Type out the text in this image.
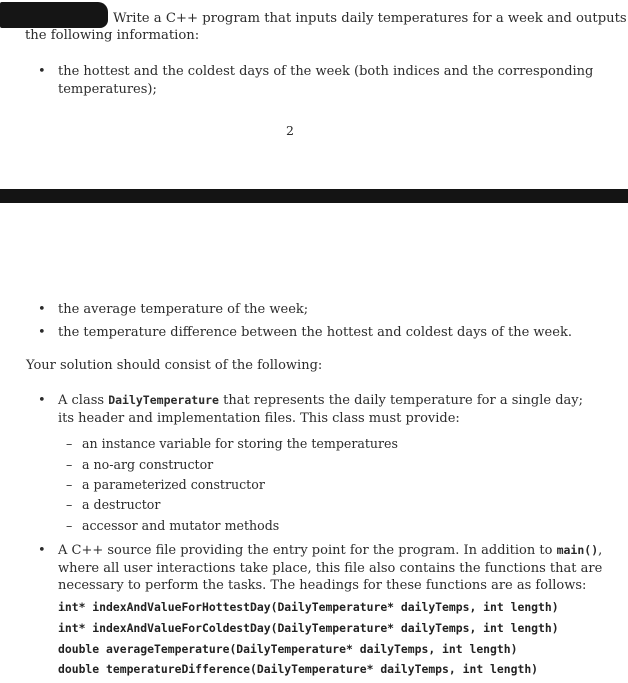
Write a C++ program that inputs daily temperatures for a week and outputs
the following information:
• the hottest and the coldest days of the week (both indices and the corresponding
temperatures);
2
• the average temperature of the week;
• the temperature difference between the hottest and coldest days of the week.
Your solution should consist of the following:
• A class DailyTemperature that represents the daily temperature for a single day;
its header and implementation files. This class must provide:
– an instance variable for storing the temperatures
– a no-arg constructor
– a parameterized constructor
– a destructor
– accessor and mutator methods
• A C++ source file providing the entry point for the program. In addition to main(),
where all user interactions take place, this file also contains the functions that are
necessary to perform the tasks. The headings for these functions are as follows:
int* indexAndValueForHottestDay(DailyTemperature* dailyTemps, int length)
int* indexAndValueForColdestDay(DailyTemperature* dailyTemps, int length)
double averageTemperature(DailyTemperature* dailyTemps, int length)
double temperatureDifference(DailyTemperature* dailyTemps, int length)
